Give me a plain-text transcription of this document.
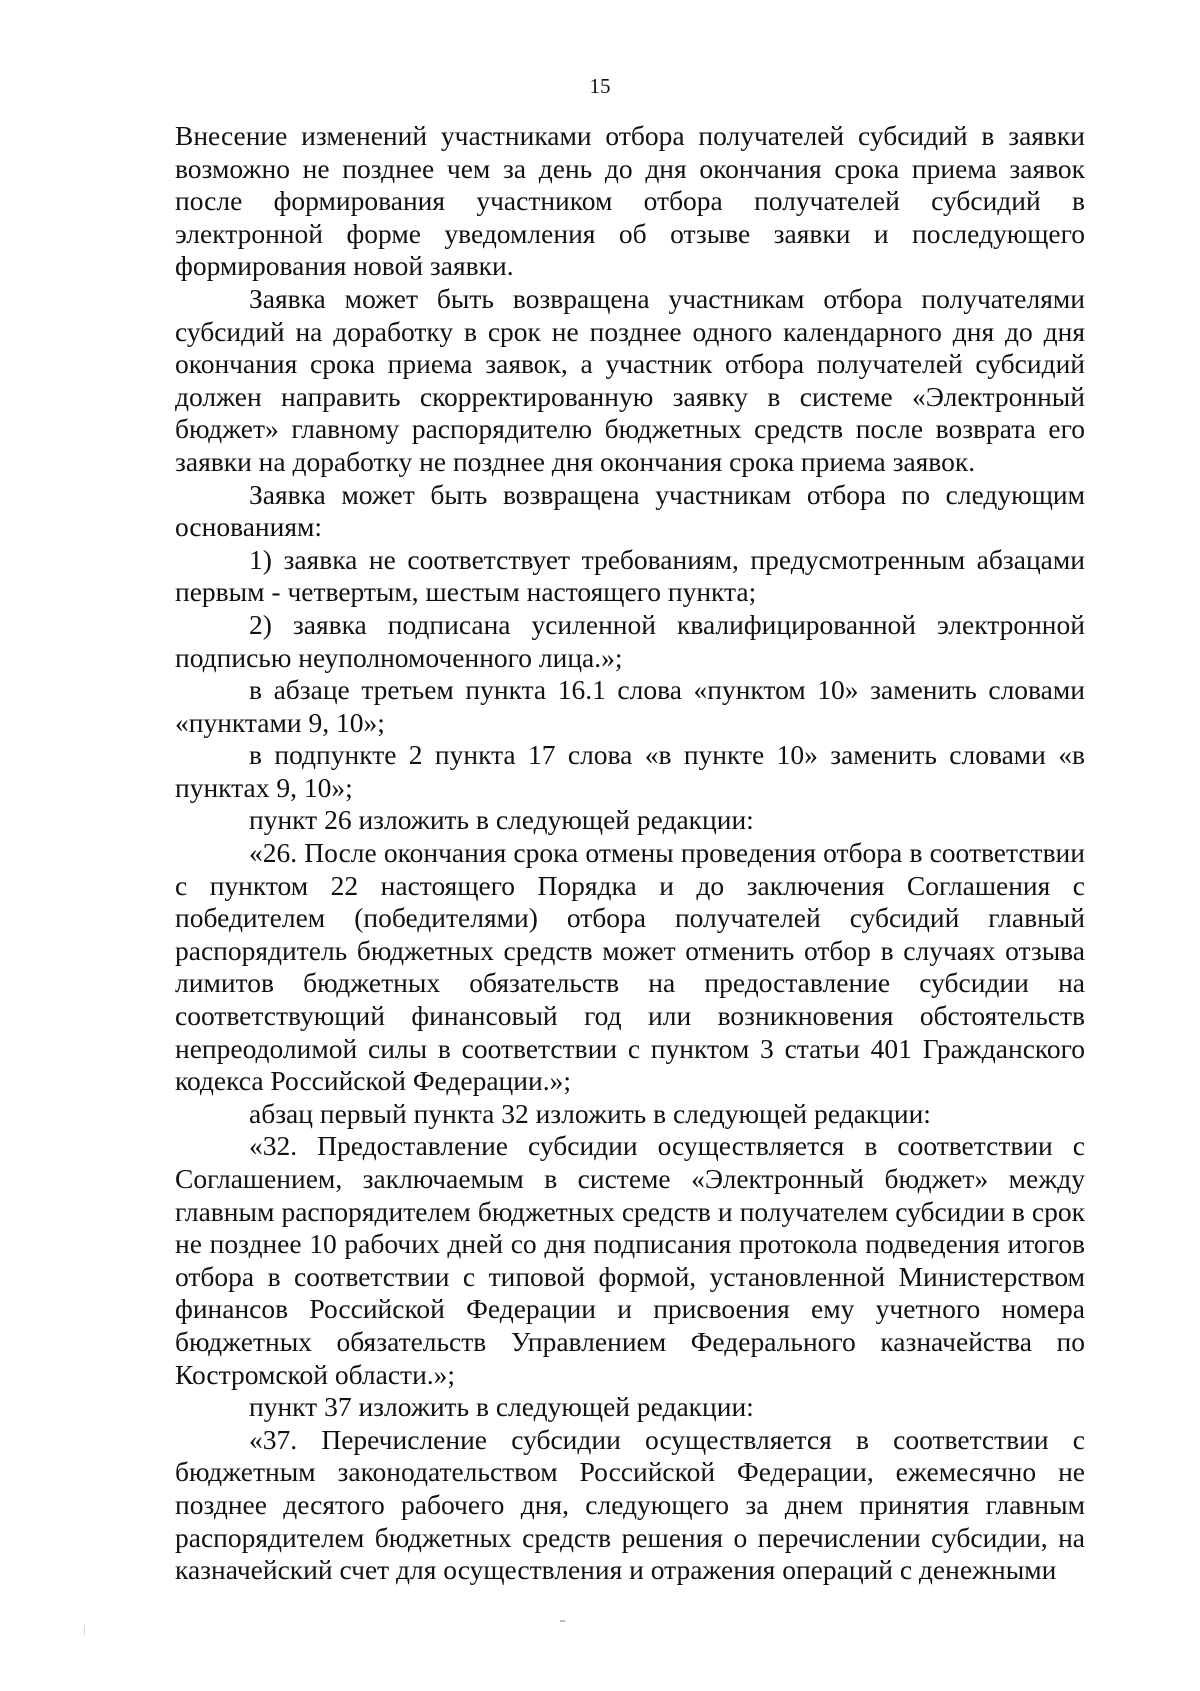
15

Внесение изменений участниками отбора получателей субсидий в заявки возможно не позднее чем за день до дня окончания срока приема заявок после формирования участником отбора получателей субсидий в электронной форме уведомления об отзыве заявки и последующего формирования новой заявки.

Заявка может быть возвращена участникам отбора получателями субсидий на доработку в срок не позднее одного календарного дня до дня окончания срока приема заявок, а участник отбора получателей субсидий должен направить скорректированную заявку в системе «Электронный бюджет» главному распорядителю бюджетных средств после возврата его заявки на доработку не позднее дня окончания срока приема заявок.

Заявка может быть возвращена участникам отбора по следующим основаниям:

1) заявка не соответствует требованиям, предусмотренным абзацами первым - четвертым, шестым настоящего пункта;

2) заявка подписана усиленной квалифицированной электронной подписью неуполномоченного лица.»;

в абзаце третьем пункта 16.1 слова «пунктом 10» заменить словами «пунктами 9, 10»;

в подпункте 2 пункта 17 слова «в пункте 10» заменить словами «в пунктах 9, 10»;

пункт 26 изложить в следующей редакции:

«26. После окончания срока отмены проведения отбора в соответствии с пунктом 22 настоящего Порядка и до заключения Соглашения с победителем (победителями) отбора получателей субсидий главный распорядитель бюджетных средств может отменить отбор в случаях отзыва лимитов бюджетных обязательств на предоставление субсидии на соответствующий финансовый год или возникновения обстоятельств непреодолимой силы в соответствии с пунктом 3 статьи 401 Гражданского кодекса Российской Федерации.»;

абзац первый пункта 32 изложить в следующей редакции:

«32. Предоставление субсидии осуществляется в соответствии с Соглашением, заключаемым в системе «Электронный бюджет» между главным распорядителем бюджетных средств и получателем субсидии в срок не позднее 10 рабочих дней со дня подписания протокола подведения итогов отбора в соответствии с типовой формой, установленной Министерством финансов Российской Федерации и присвоения ему учетного номера бюджетных обязательств Управлением Федерального казначейства по Костромской области.»;

пункт 37 изложить в следующей редакции:

«37. Перечисление субсидии осуществляется в соответствии с бюджетным законодательством Российской Федерации, ежемесячно не позднее десятого рабочего дня, следующего за днем принятия главным распорядителем бюджетных средств решения о перечислении субсидии, на казначейский счет для осуществления и отражения операций с денежными
